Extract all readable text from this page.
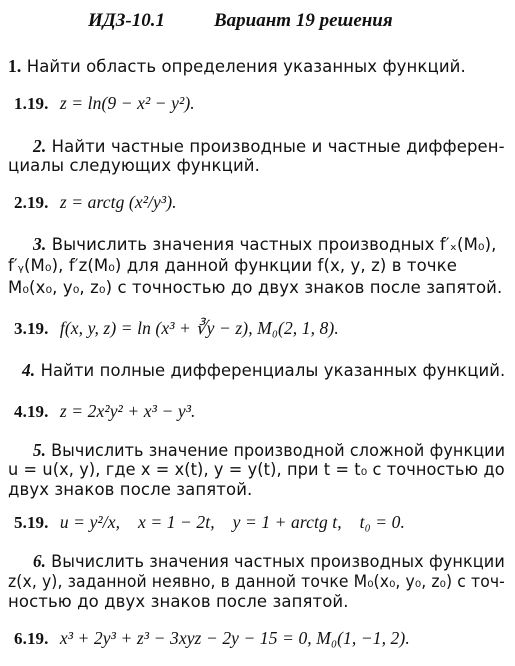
ИДЗ-10.1	Вариант 19 решения
1. Найти область определения указанных функций.
1.19. z = ln(9 − x² − y²).
2. Найти частные производные и частные дифферен-
циалы следующих функций.
2.19. z = arctg (x²/y³).
3. Вычислить значения частных производных f′ₓ(M₀),
f′ᵧ(M₀), f′z(M₀) для данной функции f(x, y, z) в точке
M₀(x₀, y₀, z₀) с точностью до двух знаков после запятой.
3.19. f(x, y, z) = ln (x³ + ∛y − z), M₀(2, 1, 8).
4. Найти полные дифференциалы указанных функций.
4.19. z = 2x²y² + x³ − y³.
5. Вычислить значение производной сложной функции
u = u(x, y), где x = x(t), y = y(t), при t = t₀ с точностью до
двух знаков после запятой.
5.19. u = y²/x,    x = 1 − 2t,    y = 1 + arctg t,    t₀ = 0.
6. Вычислить значения частных производных функции
z(x, y), заданной неявно, в данной точке M₀(x₀, y₀, z₀) с точ-
ностью до двух знаков после запятой.
6.19. x³ + 2y³ + z³ − 3xyz − 2y − 15 = 0, M₀(1, −1, 2).
